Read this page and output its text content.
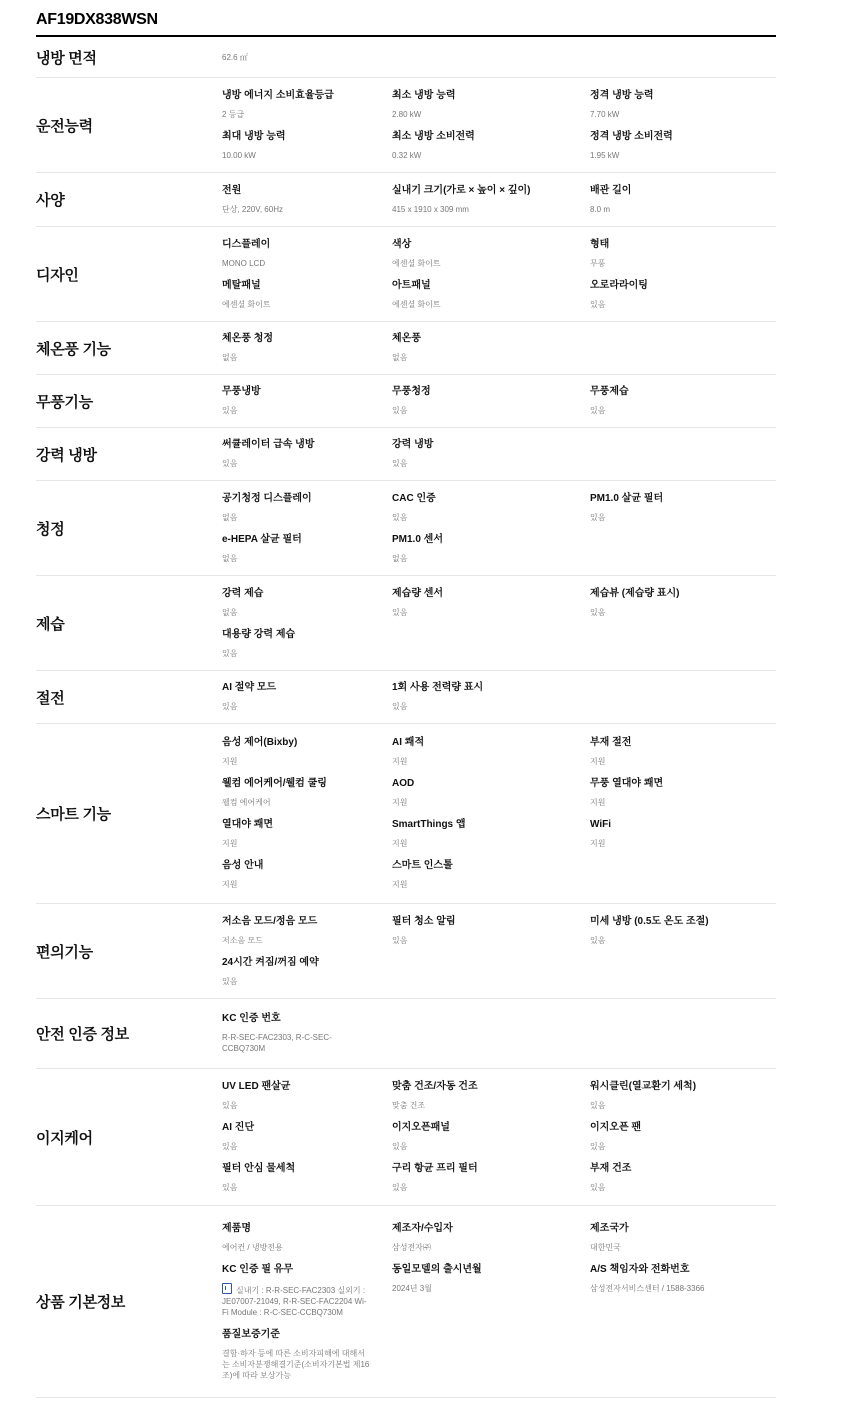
AF19DX838WSN
냉방 면적	62.6 ㎡
운전능력
냉방 에너지 소비효율등급
2 등급
최소 냉방 능력
2.80 kW
정격 냉방 능력
7.70 kW
최대 냉방 능력
10.00 kW
최소 냉방 소비전력
0.32 kW
정격 냉방 소비전력
1.95 kW
사양
전원
단상, 220V, 60Hz
실내기 크기(가로 × 높이 × 깊이)
415 x 1910 x 309 mm
배관 길이
8.0 m
디자인
디스플레이
MONO LCD
색상
에센셜 화이트
형태
무풍
메탈패널
에센셜 화이트
아트패널
에센셜 화이트
오로라라이팅
있음
체온풍 기능
체온풍 청정
없음
체온풍
없음
무풍기능
무풍냉방
있음
무풍청정
있음
무풍제습
있음
강력 냉방
써큘레이터 급속 냉방
있음
강력 냉방
있음
청정
공기청정 디스플레이
없음
CAC 인증
있음
PM1.0 살균 필터
있음
e-HEPA 살균 필터
없음
PM1.0 센서
없음
제습
강력 제습
없음
제습량 센서
있음
제습뷰 (제습량 표시)
있음
대용량 강력 제습
있음
절전
AI 절약 모드
있음
1회 사용 전력량 표시
있음
스마트 기능
음성 제어(Bixby)
지원
AI 쾌적
지원
부재 절전
지원
웰컴 에어케어/웰컴 쿨링
웰컴 에어케어
AOD
지원
무풍 열대야 쾌면
지원
열대야 쾌면
지원
SmartThings 앱
지원
WiFi
지원
음성 안내
지원
스마트 인스톨
지원
편의기능
저소음 모드/정음 모드
저소음 모드
필터 청소 알림
있음
미세 냉방 (0.5도 온도 조절)
있음
24시간 켜짐/꺼짐 예약
있음
안전 인증 정보
KC 인증 번호
R-R-SEC-FAC2303, R-C-SEC-CCBQ730M
이지케어
UV LED 팬살균
있음
맞춤 건조/자동 건조
맞춤 건조
워시클린(열교환기 세척)
있음
AI 진단
있음
이지오픈패널
있음
이지오픈 팬
있음
필터 안심 물세척
있음
구리 항균 프리 필터
있음
부재 건조
있음
상품 기본정보
제품명
에어컨 / 냉방전용
제조자/수입자
삼성전자㈜
제조국가
대한민국
KC 인증 필 유무
실내기 : R-R-SEC-FAC2303 실외기 : JE07007-21049, R-R-SEC-FAC2204 Wi-Fi Module : R-C-SEC-CCBQ730M
동일모델의 출시년월
2024년 3월
A/S 책임자와 전화번호
삼성전자서비스센터 / 1588-3366
품질보증기준
결함·하자 등에 따른 소비자피해에 대해서는 소비자분쟁해결기준(소비자기본법 제16조)에 따라 보상가능
